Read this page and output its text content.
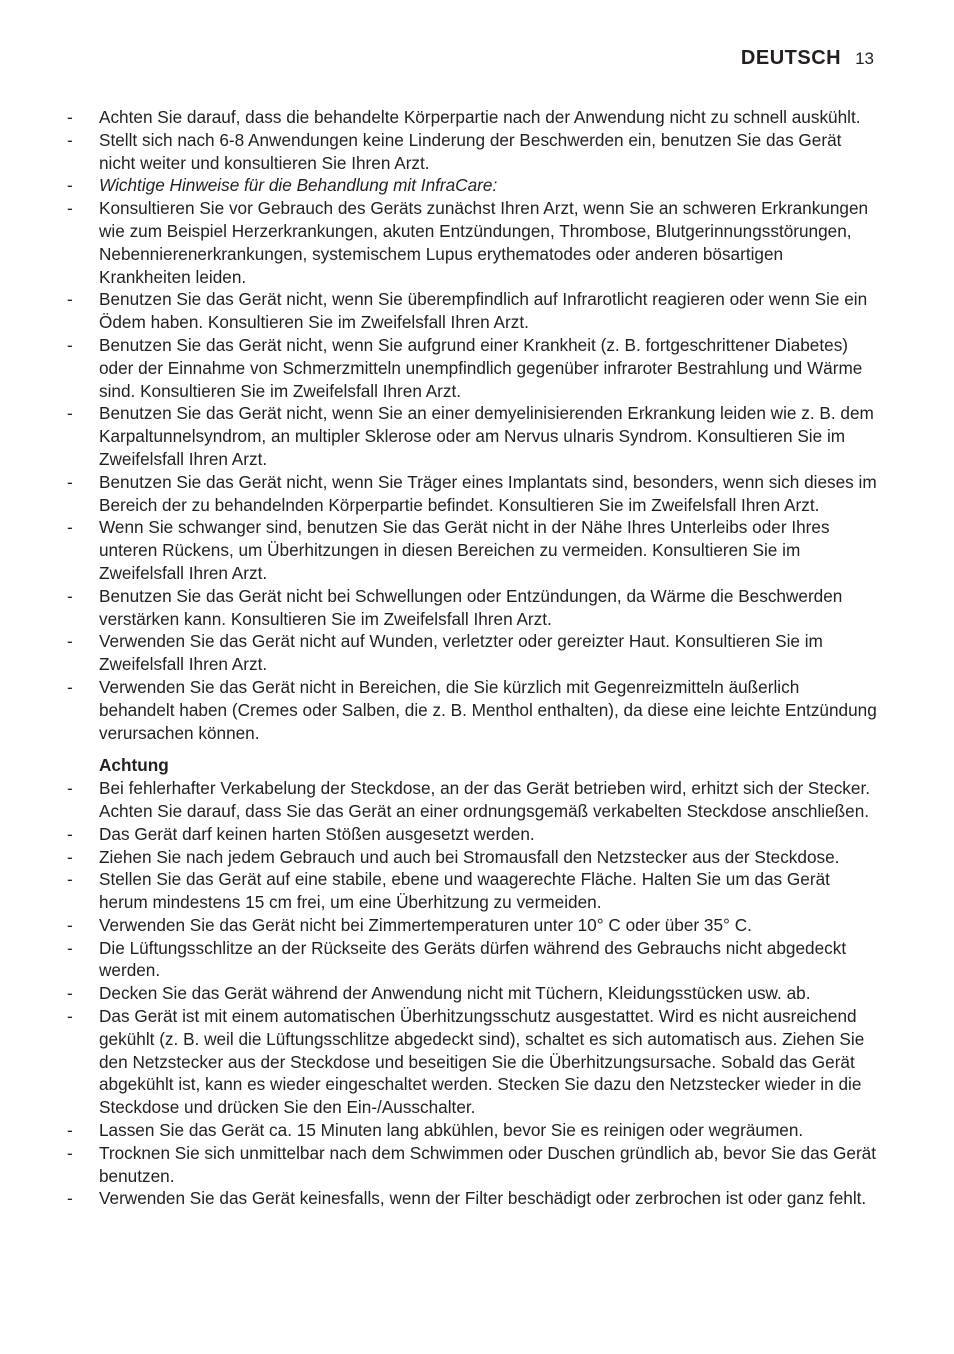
DEUTSCH 13
-	Achten Sie darauf, dass die behandelte Körperpartie nach der Anwendung nicht zu schnell auskühlt.
-	Stellt sich nach 6-8 Anwendungen keine Linderung der Beschwerden ein, benutzen Sie das Gerät nicht weiter und konsultieren Sie Ihren Arzt.
-	Wichtige Hinweise für die Behandlung mit InfraCare:
-	Konsultieren Sie vor Gebrauch des Geräts zunächst Ihren Arzt, wenn Sie an schweren Erkrankungen wie zum Beispiel Herzerkrankungen, akuten Entzündungen, Thrombose, Blutgerinnungsstörungen, Nebennierenerkrankungen, systemischem Lupus erythematodes oder anderen bösartigen Krankheiten leiden.
-	Benutzen Sie das Gerät nicht, wenn Sie überempfindlich auf Infrarotlicht reagieren oder wenn Sie ein Ödem haben. Konsultieren Sie im Zweifelsfall Ihren Arzt.
-	Benutzen Sie das Gerät nicht, wenn Sie aufgrund einer Krankheit (z. B. fortgeschrittener Diabetes) oder der Einnahme von Schmerzmitteln unempfindlich gegenüber infraroter Bestrahlung und Wärme sind. Konsultieren Sie im Zweifelsfall Ihren Arzt.
-	Benutzen Sie das Gerät nicht, wenn Sie an einer demyelinisierenden Erkrankung leiden wie z. B. dem Karpaltunnelsyndrom, an multipler Sklerose oder am Nervus ulnaris Syndrom. Konsultieren Sie im Zweifelsfall Ihren Arzt.
-	Benutzen Sie das Gerät nicht, wenn Sie Träger eines Implantats sind, besonders, wenn sich dieses im Bereich der zu behandelnden Körperpartie befindet. Konsultieren Sie im Zweifelsfall Ihren Arzt.
-	Wenn Sie schwanger sind, benutzen Sie das Gerät nicht in der Nähe Ihres Unterleibs oder Ihres unteren Rückens, um Überhitzungen in diesen Bereichen zu vermeiden. Konsultieren Sie im Zweifelsfall Ihren Arzt.
-	Benutzen Sie das Gerät nicht bei Schwellungen oder Entzündungen, da Wärme die Beschwerden verstärken kann. Konsultieren Sie im Zweifelsfall Ihren Arzt.
-	Verwenden Sie das Gerät nicht auf Wunden, verletzter oder gereizter Haut. Konsultieren Sie im Zweifelsfall Ihren Arzt.
-	Verwenden Sie das Gerät nicht in Bereichen, die Sie kürzlich mit Gegenreizmitteln äußerlich behandelt haben (Cremes oder Salben, die z. B. Menthol enthalten), da diese eine leichte Entzündung verursachen können.
Achtung
-	Bei fehlerhafter Verkabelung der Steckdose, an der das Gerät betrieben wird, erhitzt sich der Stecker. Achten Sie darauf, dass Sie das Gerät an einer ordnungsgemäß verkabelten Steckdose anschließen.
-	Das Gerät darf keinen harten Stößen ausgesetzt werden.
-	Ziehen Sie nach jedem Gebrauch und auch bei Stromausfall den Netzstecker aus der Steckdose.
-	Stellen Sie das Gerät auf eine stabile, ebene und waagerechte Fläche. Halten Sie um das Gerät herum mindestens 15 cm frei, um eine Überhitzung zu vermeiden.
-	Verwenden Sie das Gerät nicht bei Zimmertemperaturen unter 10° C oder über 35° C.
-	Die Lüftungsschlitze an der Rückseite des Geräts dürfen während des Gebrauchs nicht abgedeckt werden.
-	Decken Sie das Gerät während der Anwendung nicht mit Tüchern, Kleidungsstücken usw. ab.
-	Das Gerät ist mit einem automatischen Überhitzungsschutz ausgestattet. Wird es nicht ausreichend gekühlt (z. B. weil die Lüftungsschlitze abgedeckt sind), schaltet es sich automatisch aus. Ziehen Sie den Netzstecker aus der Steckdose und beseitigen Sie die Überhitzungsursache. Sobald das Gerät abgekühlt ist, kann es wieder eingeschaltet werden. Stecken Sie dazu den Netzstecker wieder in die Steckdose und drücken Sie den Ein-/Ausschalter.
-	Lassen Sie das Gerät ca. 15 Minuten lang abkühlen, bevor Sie es reinigen oder wegräumen.
-	Trocknen Sie sich unmittelbar nach dem Schwimmen oder Duschen gründlich ab, bevor Sie das Gerät benutzen.
-	Verwenden Sie das Gerät keinesfalls, wenn der Filter beschädigt oder zerbrochen ist oder ganz fehlt.
